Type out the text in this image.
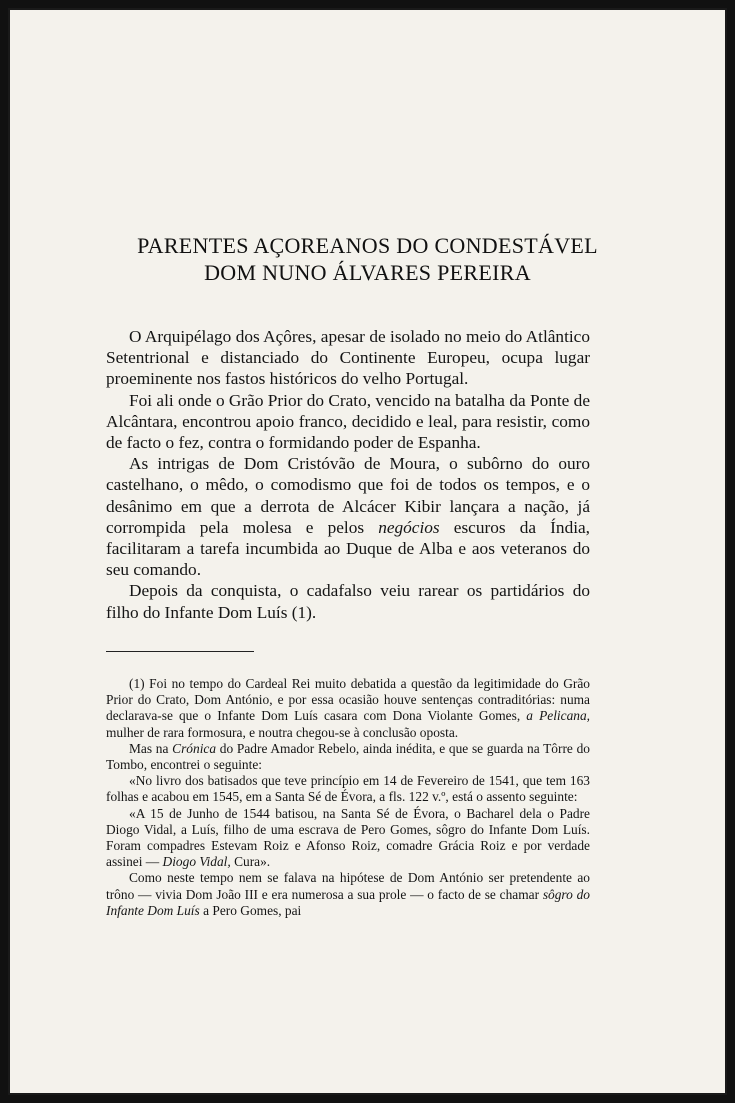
PARENTES AÇOREANOS DO CONDESTÁVEL
DOM NUNO ÁLVARES PEREIRA

O Arquipélago dos Açôres, apesar de isolado no meio do Atlântico Setentrional e distanciado do Continente Europeu, ocupa lugar proeminente nos fastos históricos do velho Portugal.

Foi ali onde o Grão Prior do Crato, vencido na batalha da Ponte de Alcântara, encontrou apoio franco, decidido e leal, para resistir, como de facto o fez, contra o formidando poder de Espanha.

As intrigas de Dom Cristóvão de Moura, o subôrno do ouro castelhano, o mêdo, o comodismo que foi de todos os tempos, e o desânimo em que a derrota de Alcácer Kibir lançara a nação, já corrompida pela molesa e pelos negócios escuros da Índia, facilitaram a tarefa incumbida ao Duque de Alba e aos veteranos do seu comando.

Depois da conquista, o cadafalso veiu rarear os partidários do filho do Infante Dom Luís (1).

(1) Foi no tempo do Cardeal Rei muito debatida a questão da legitimidade do Grão Prior do Crato, Dom António, e por essa ocasião houve sentenças contraditórias: numa declarava-se que o Infante Dom Luís casara com Dona Violante Gomes, a Pelicana, mulher de rara formosura, e noutra chegou-se à conclusão oposta.

Mas na Crónica do Padre Amador Rebelo, ainda inédita, e que se guarda na Tôrre do Tombo, encontrei o seguinte:

«No livro dos batisados que teve princípio em 14 de Fevereiro de 1541, que tem 163 folhas e acabou em 1545, em a Santa Sé de Évora, a fls. 122 v.º, está o assento seguinte:

«A 15 de Junho de 1544 batisou, na Santa Sé de Évora, o Bacharel dela o Padre Diogo Vidal, a Luís, filho de uma escrava de Pero Gomes, sôgro do Infante Dom Luís. Foram compadres Estevam Roiz e Afonso Roiz, comadre Grácia Roiz e por verdade assinei — Diogo Vidal, Cura».

Como neste tempo nem se falava na hipótese de Dom António ser pretendente ao trôno — vivia Dom João III e era numerosa a sua prole — o facto de se chamar sôgro do Infante Dom Luís a Pero Gomes, pai
